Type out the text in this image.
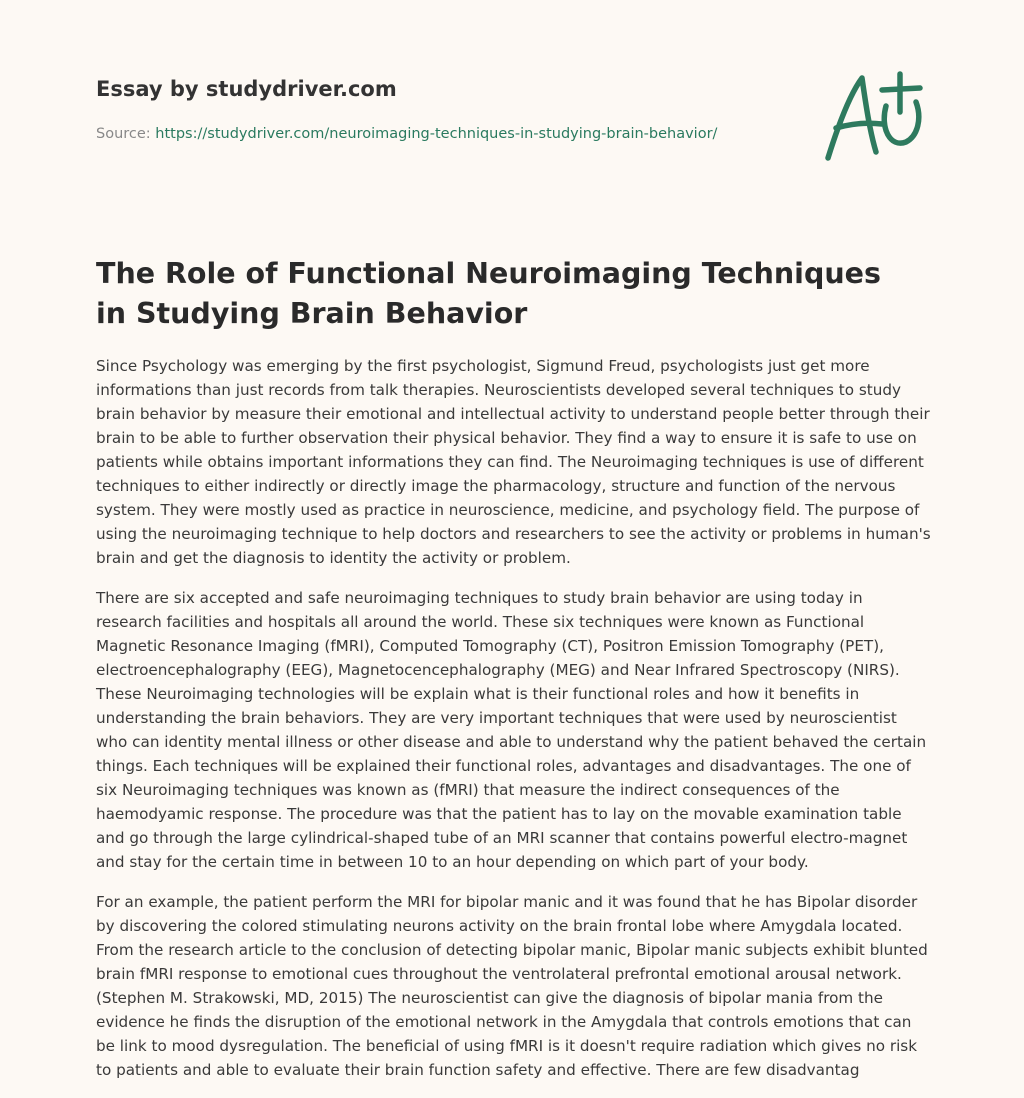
Essay by studydriver.com
Source: https://studydriver.com/neuroimaging-techniques-in-studying-brain-behavior/
The Role of Functional Neuroimaging Techniques in Studying Brain Behavior

Since Psychology was emerging by the first psychologist, Sigmund Freud, psychologists just get more informations than just records from talk therapies. Neuroscientists developed several techniques to study brain behavior by measure their emotional and intellectual activity to understand people better through their brain to be able to further observation their physical behavior. They find a way to ensure it is safe to use on patients while obtains important informations they can find. The Neuroimaging techniques is use of different techniques to either indirectly or directly image the pharmacology, structure and function of the nervous system. They were mostly used as practice in neuroscience, medicine, and psychology field. The purpose of using the neuroimaging technique to help doctors and researchers to see the activity or problems in human's brain and get the diagnosis to identity the activity or problem.

There are six accepted and safe neuroimaging techniques to study brain behavior are using today in research facilities and hospitals all around the world. These six techniques were known as Functional Magnetic Resonance Imaging (fMRI), Computed Tomography (CT), Positron Emission Tomography (PET), electroencephalography (EEG), Magnetocencephalography (MEG) and Near Infrared Spectroscopy (NIRS). These Neuroimaging technologies will be explain what is their functional roles and how it benefits in understanding the brain behaviors. They are very important techniques that were used by neuroscientist who can identity mental illness or other disease and able to understand why the patient behaved the certain things. Each techniques will be explained their functional roles, advantages and disadvantages. The one of six Neuroimaging techniques was known as (fMRI) that measure the indirect consequences of the haemodyamic response. The procedure was that the patient has to lay on the movable examination table and go through the large cylindrical-shaped tube of an MRI scanner that contains powerful electro-magnet and stay for the certain time in between 10 to an hour depending on which part of your body.

For an example, the patient perform the MRI for bipolar manic and it was found that he has Bipolar disorder by discovering the colored stimulating neurons activity on the brain frontal lobe where Amygdala located. From the research article to the conclusion of detecting bipolar manic, Bipolar manic subjects exhibit blunted brain fMRI response to emotional cues throughout the ventrolateral prefrontal emotional arousal network. (Stephen M. Strakowski, MD, 2015) The neuroscientist can give the diagnosis of bipolar mania from the evidence he finds the disruption of the emotional network in the Amygdala that controls emotions that can be link to mood dysregulation. The beneficial of using fMRI is it doesn't require radiation which gives no risk to patients and able to evaluate their brain function safety and effective. There are few disadvantag
